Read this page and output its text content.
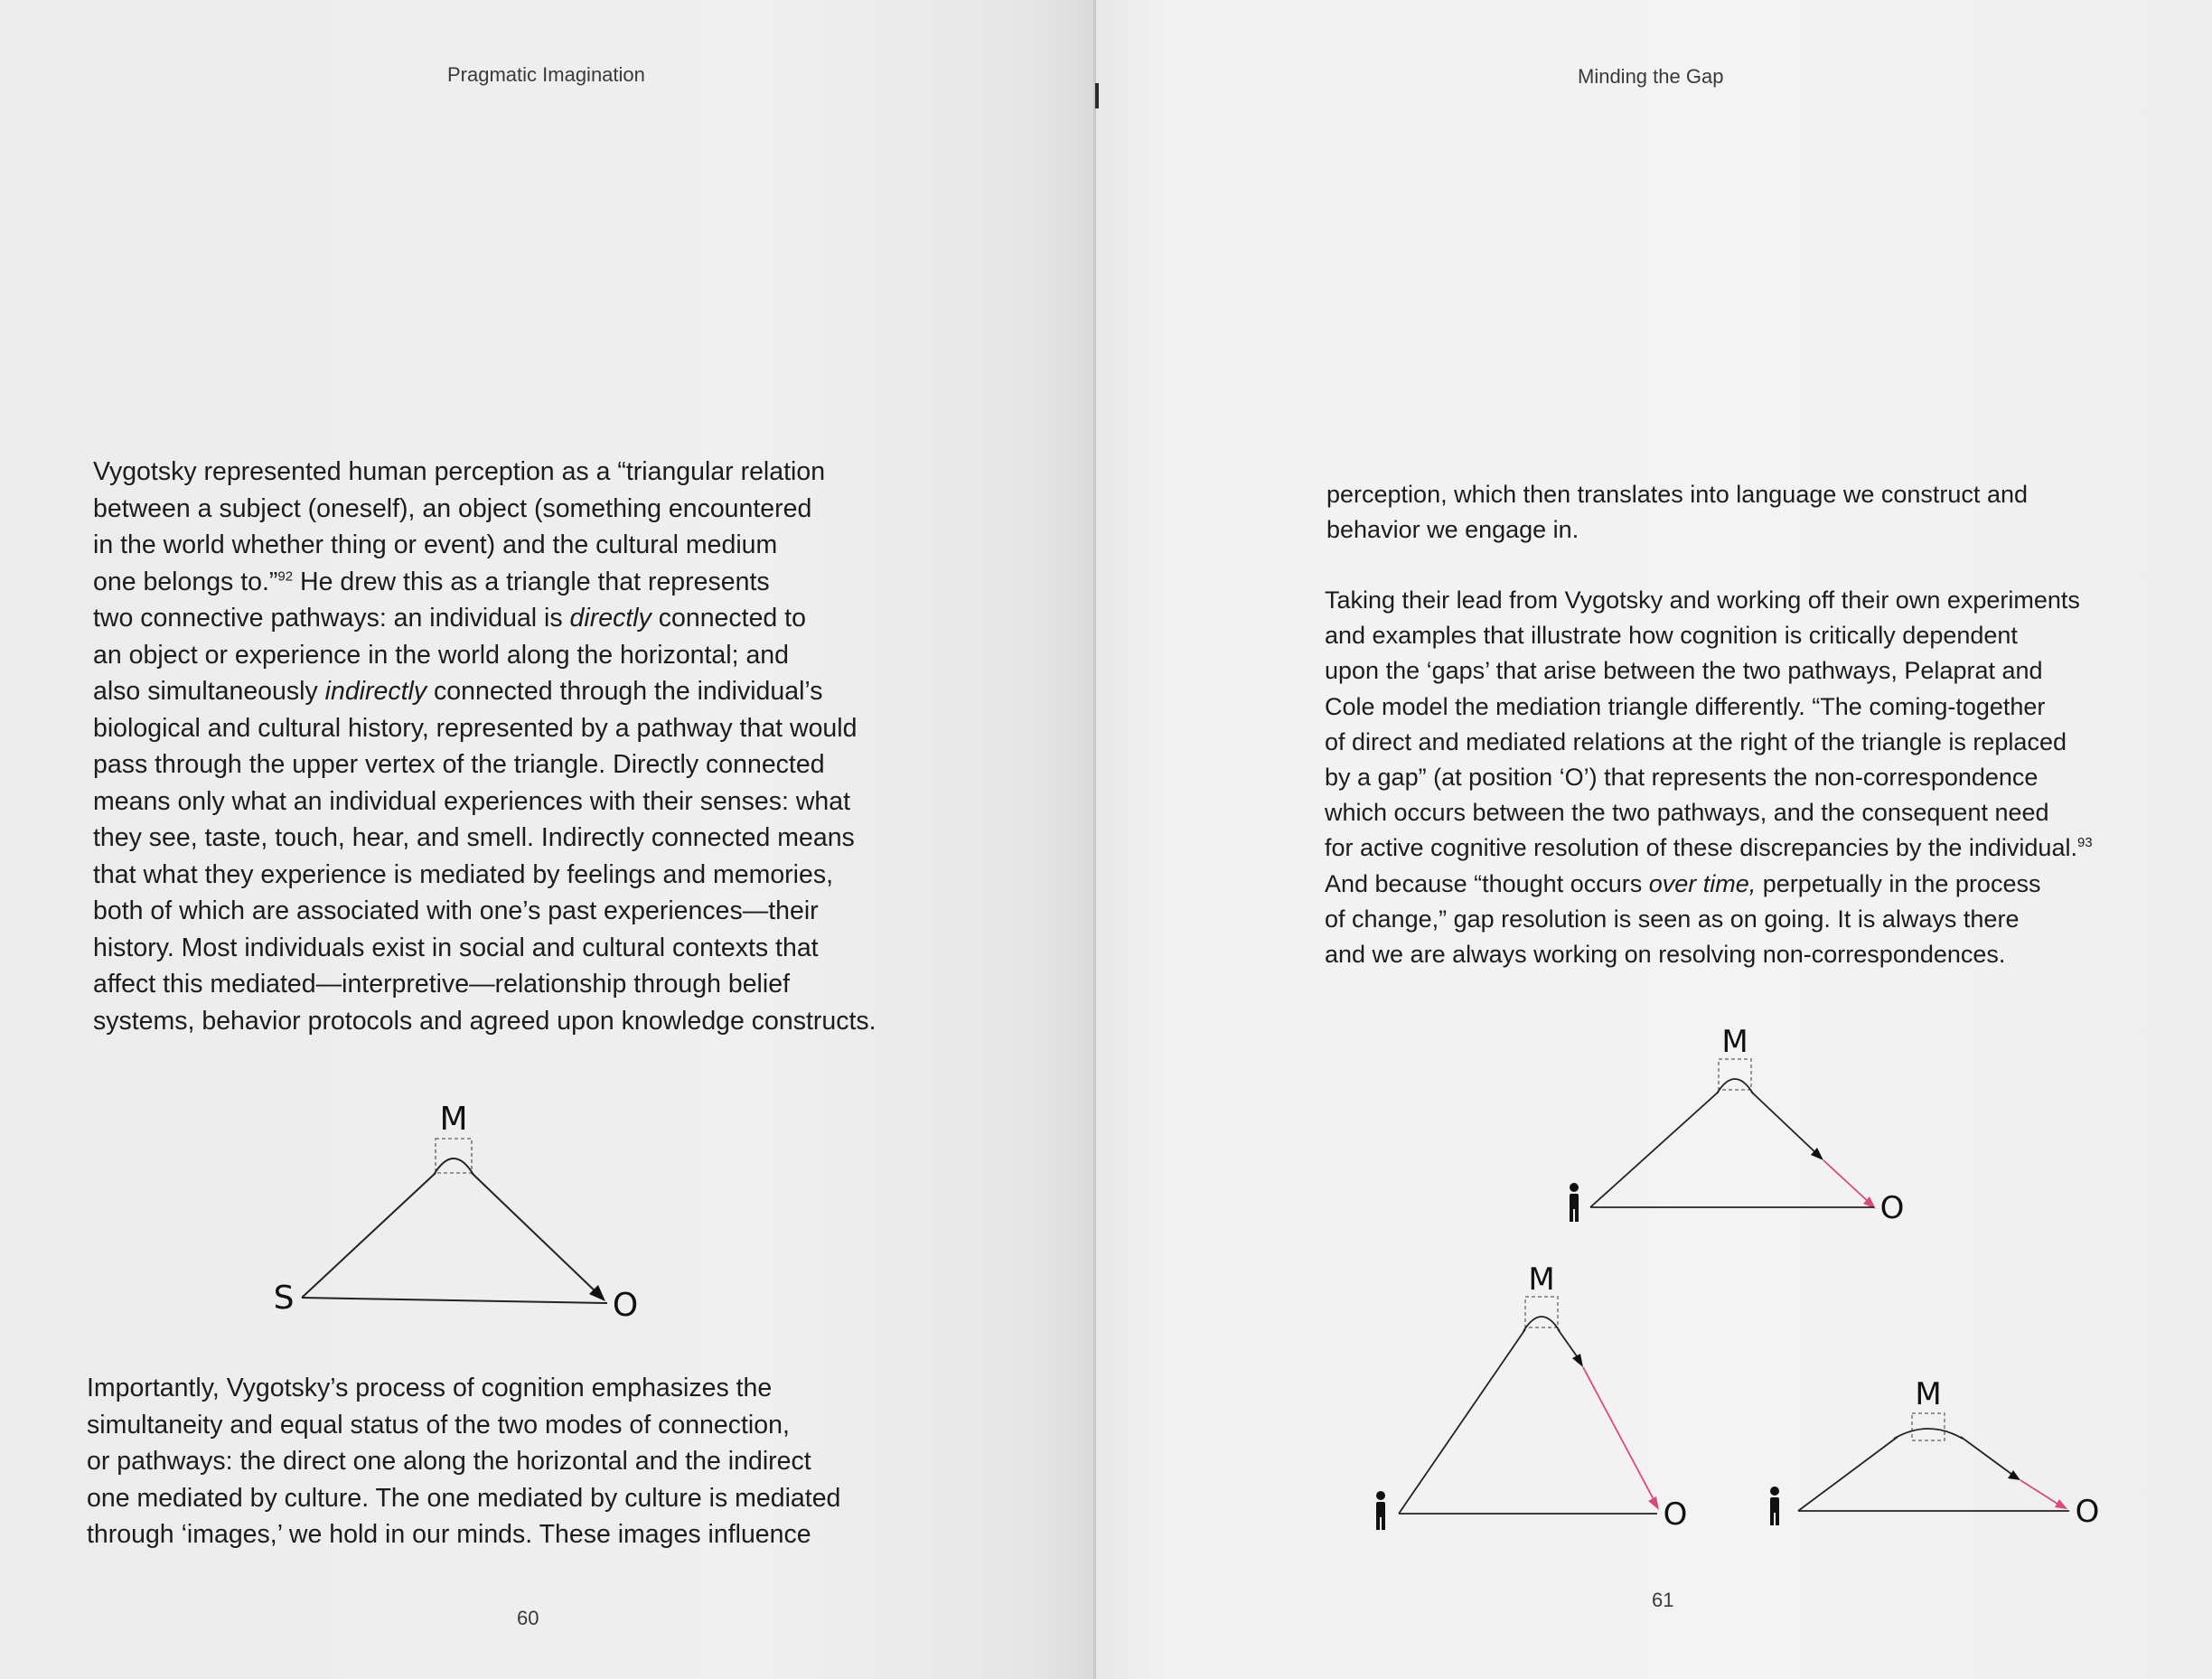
Pragmatic Imagination
Vygotsky represented human perception as a “triangular relation
between a subject (oneself), an object (something encountered
in the world whether thing or event) and the cultural medium
one belongs to.”$^{92}$ He drew this as a triangle that represents
two connective pathways: an individual is directly connected to
an object or experience in the world along the horizontal; and
also simultaneously indirectly connected through the individual’s
biological and cultural history, represented by a pathway that would
pass through the upper vertex of the triangle. Directly connected
means only what an individual experiences with their senses: what
they see, taste, touch, hear, and smell. Indirectly connected means
that what they experience is mediated by feelings and memories,
both of which are associated with one’s past experiences—their
history. Most individuals exist in social and cultural contexts that
affect this mediated—interpretive—relationship through belief
systems, behavior protocols and agreed upon knowledge constructs.
M
S	O
Importantly, Vygotsky’s process of cognition emphasizes the
simultaneity and equal status of the two modes of connection,
or pathways: the direct one along the horizontal and the indirect
one mediated by culture. The one mediated by culture is mediated
through ‘images,’ we hold in our minds. These images influence
60
Minding the Gap
perception, which then translates into language we construct and
behavior we engage in.
Taking their lead from Vygotsky and working off their own experiments
and examples that illustrate how cognition is critically dependent
upon the ‘gaps’ that arise between the two pathways, Pelaprat and
Cole model the mediation triangle differently. “The coming-together
of direct and mediated relations at the right of the triangle is replaced
by a gap” (at position ‘O’) that represents the non-correspondence
which occurs between the two pathways, and the consequent need
for active cognitive resolution of these discrepancies by the individual.$^{93}$
And because “thought occurs over time, perpetually in the process
of change,” gap resolution is seen as on going. It is always there
and we are always working on resolving non-correspondences.
M
O
M
O
M
O
61
